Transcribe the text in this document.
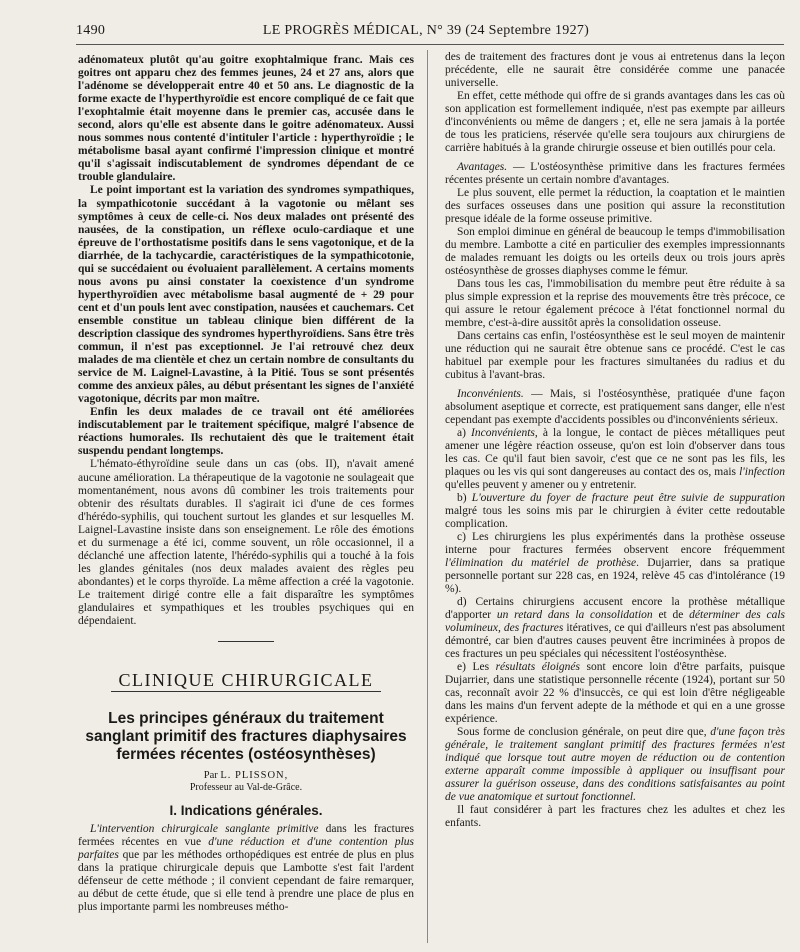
1490	LE PROGRÈS MÉDICAL, N° 39 (24 Septembre 1927)

adénomateux plutôt qu'au goitre exophtalmique franc. Mais ces goitres ont apparu chez des femmes jeunes, 24 et 27 ans, alors que l'adénome se développerait entre 40 et 50 ans. Le diagnostic de la forme exacte de l'hyperthyroïdie est encore compliqué de ce fait que l'exophtalmie était moyenne dans le premier cas, accusée dans le second, alors qu'elle est absente dans le goitre adénomateux. Aussi nous sommes nous contenté d'intituler l'article : hyperthyroïdie ; le métabolisme basal ayant confirmé l'impression clinique et montré qu'il s'agissait indiscutablement de syndromes dépendant de ce trouble glandulaire.

Le point important est la variation des syndromes sympathiques, la sympathicotonie succédant à la vagotonie ou mêlant ses symptômes à ceux de celle-ci. Nos deux malades ont présenté des nausées, de la constipation, un réflexe oculo-cardiaque et une épreuve de l'orthostatisme positifs dans le sens vagotonique, et de la diarrhée, de la tachycardie, caractéristiques de la sympathicotonie, qui se succédaient ou évoluaient parallèlement. A certains moments nous avons pu ainsi constater la coexistence d'un syndrome hyperthyroïdien avec métabolisme basal augmenté de + 29 pour cent et d'un pouls lent avec constipation, nausées et cauchemars. Cet ensemble constitue un tableau clinique bien différent de la description classique des syndromes hyperthyroïdiens. Sans être très commun, il n'est pas exceptionnel. Je l'ai retrouvé chez deux malades de ma clientèle et chez un certain nombre de consultants du service de M. Laignel-Lavastine, à la Pitié. Tous se sont présentés comme des anxieux pâles, au début présentant les signes de l'anxiété vagotonique, décrits par mon maître.

Enfin les deux malades de ce travail ont été améliorées indiscutablement par le traitement spécifique, malgré l'absence de réactions humorales. Ils rechutaient dès que le traitement était suspendu pendant longtemps.

L'hémato-éthyroïdine seule dans un cas (obs. II), n'avait amené aucune amélioration. La thérapeutique de la vagotonie ne soulageait que momentanément, nous avons dû combiner les trois traitements pour obtenir des résultats durables. Il s'agirait ici d'une de ces formes d'hérédo-syphilis, qui touchent surtout les glandes et sur lesquelles M. Laignel-Lavastine insiste dans son enseignement. Le rôle des émotions et du surmenage a été ici, comme souvent, un rôle occasionnel, il a déclanché une affection latente, l'hérédo-syphilis qui a touché à la fois les glandes génitales (nos deux malades avaient des règles peu abondantes) et le corps thyroïde. La même affection a créé la vagotonie. Le traitement dirigé contre elle a fait disparaître les symptômes glandulaires et sympathiques et les troubles psychiques qui en dépendaient.

CLINIQUE CHIRURGICALE
Les principes généraux du traitement sanglant primitif des fractures diaphysaires fermées récentes (ostéosynthèses)
Par L. PLISSON,
Professeur au Val-de-Grâce.
I. Indications générales.

L'intervention chirurgicale sanglante primitive dans les fractures fermées récentes en vue d'une réduction et d'une contention plus parfaites que par les méthodes orthopédiques est entrée de plus en plus dans la pratique chirurgicale depuis que Lambotte s'est fait l'ardent défenseur de cette méthode ; il convient cependant de faire remarquer, au début de cette étude, que si elle tend à prendre une place de plus en plus importante parmi les nombreuses métho-

des de traitement des fractures dont je vous ai entretenus dans la leçon précédente, elle ne saurait être considérée comme une panacée universelle.

En effet, cette méthode qui offre de si grands avantages dans les cas où son application est formellement indiquée, n'est pas exempte par ailleurs d'inconvénients ou même de dangers ; et, elle ne sera jamais à la portée de tous les praticiens, réservée qu'elle sera toujours aux chirurgiens de carrière habitués à la grande chirurgie osseuse et bien outillés pour cela.

Avantages. — L'ostéosynthèse primitive dans les fractures fermées récentes présente un certain nombre d'avantages.

Le plus souvent, elle permet la réduction, la coaptation et le maintien des surfaces osseuses dans une position qui assure la reconstitution presque idéale de la forme osseuse primitive.

Son emploi diminue en général de beaucoup le temps d'immobilisation du membre. Lambotte a cité en particulier des exemples impressionnants de malades remuant les doigts ou les orteils deux ou trois jours après ostéosynthèse de grosses diaphyses comme le fémur.

Dans tous les cas, l'immobilisation du membre peut être réduite à sa plus simple expression et la reprise des mouvements être très précoce, ce qui assure le retour également précoce à l'état fonctionnel normal du membre, c'est-à-dire aussitôt après la consolidation osseuse.

Dans certains cas enfin, l'ostéosynthèse est le seul moyen de maintenir une réduction qui ne saurait être obtenue sans ce procédé. C'est le cas habituel par exemple pour les fractures simultanées du radius et du cubitus à l'avant-bras.

Inconvénients. — Mais, si l'ostéosynthèse, pratiquée d'une façon absolument aseptique et correcte, est pratiquement sans danger, elle n'est cependant pas exempte d'accidents possibles ou d'inconvénients sérieux.

a) Inconvénients, à la longue, le contact de pièces métalliques peut amener une légère réaction osseuse, qu'on est loin d'observer dans tous les cas. Ce qu'il faut bien savoir, c'est que ce ne sont pas les fils, les plaques ou les vis qui sont dangereuses au contact des os, mais l'infection qu'elles peuvent y amener ou y entretenir.

b) L'ouverture du foyer de fracture peut être suivie de suppuration malgré tous les soins mis par le chirurgien à éviter cette redoutable complication.

c) Les chirurgiens les plus expérimentés dans la prothèse osseuse interne pour fractures fermées observent encore fréquemment l'élimination du matériel de prothèse. Dujarrier, dans sa pratique personnelle portant sur 228 cas, en 1924, relève 45 cas d'intolérance (19 %).

d) Certains chirurgiens accusent encore la prothèse métallique d'apporter un retard dans la consolidation et de déterminer des cals volumineux, des fractures itératives, ce qui d'ailleurs n'est pas absolument démontré, car bien d'autres causes peuvent être incriminées à propos de ces fractures un peu spéciales qui nécessitent l'ostéosynthèse.

e) Les résultats éloignés sont encore loin d'être parfaits, puisque Dujarrier, dans une statistique personnelle récente (1924), portant sur 50 cas, reconnaît avoir 22 % d'insuccès, ce qui est loin d'être négligeable dans les mains d'un fervent adepte de la méthode et qui en a une grosse expérience.

Sous forme de conclusion générale, on peut dire que, d'une façon très générale, le traitement sanglant primitif des fractures fermées n'est indiqué que lorsque tout autre moyen de réduction ou de contention externe apparaît comme impossible à appliquer ou insuffisant pour assurer la guérison osseuse, dans des conditions satisfaisantes au point de vue anatomique et surtout fonctionnel.

Il faut considérer à part les fractures chez les adultes et chez les enfants.
